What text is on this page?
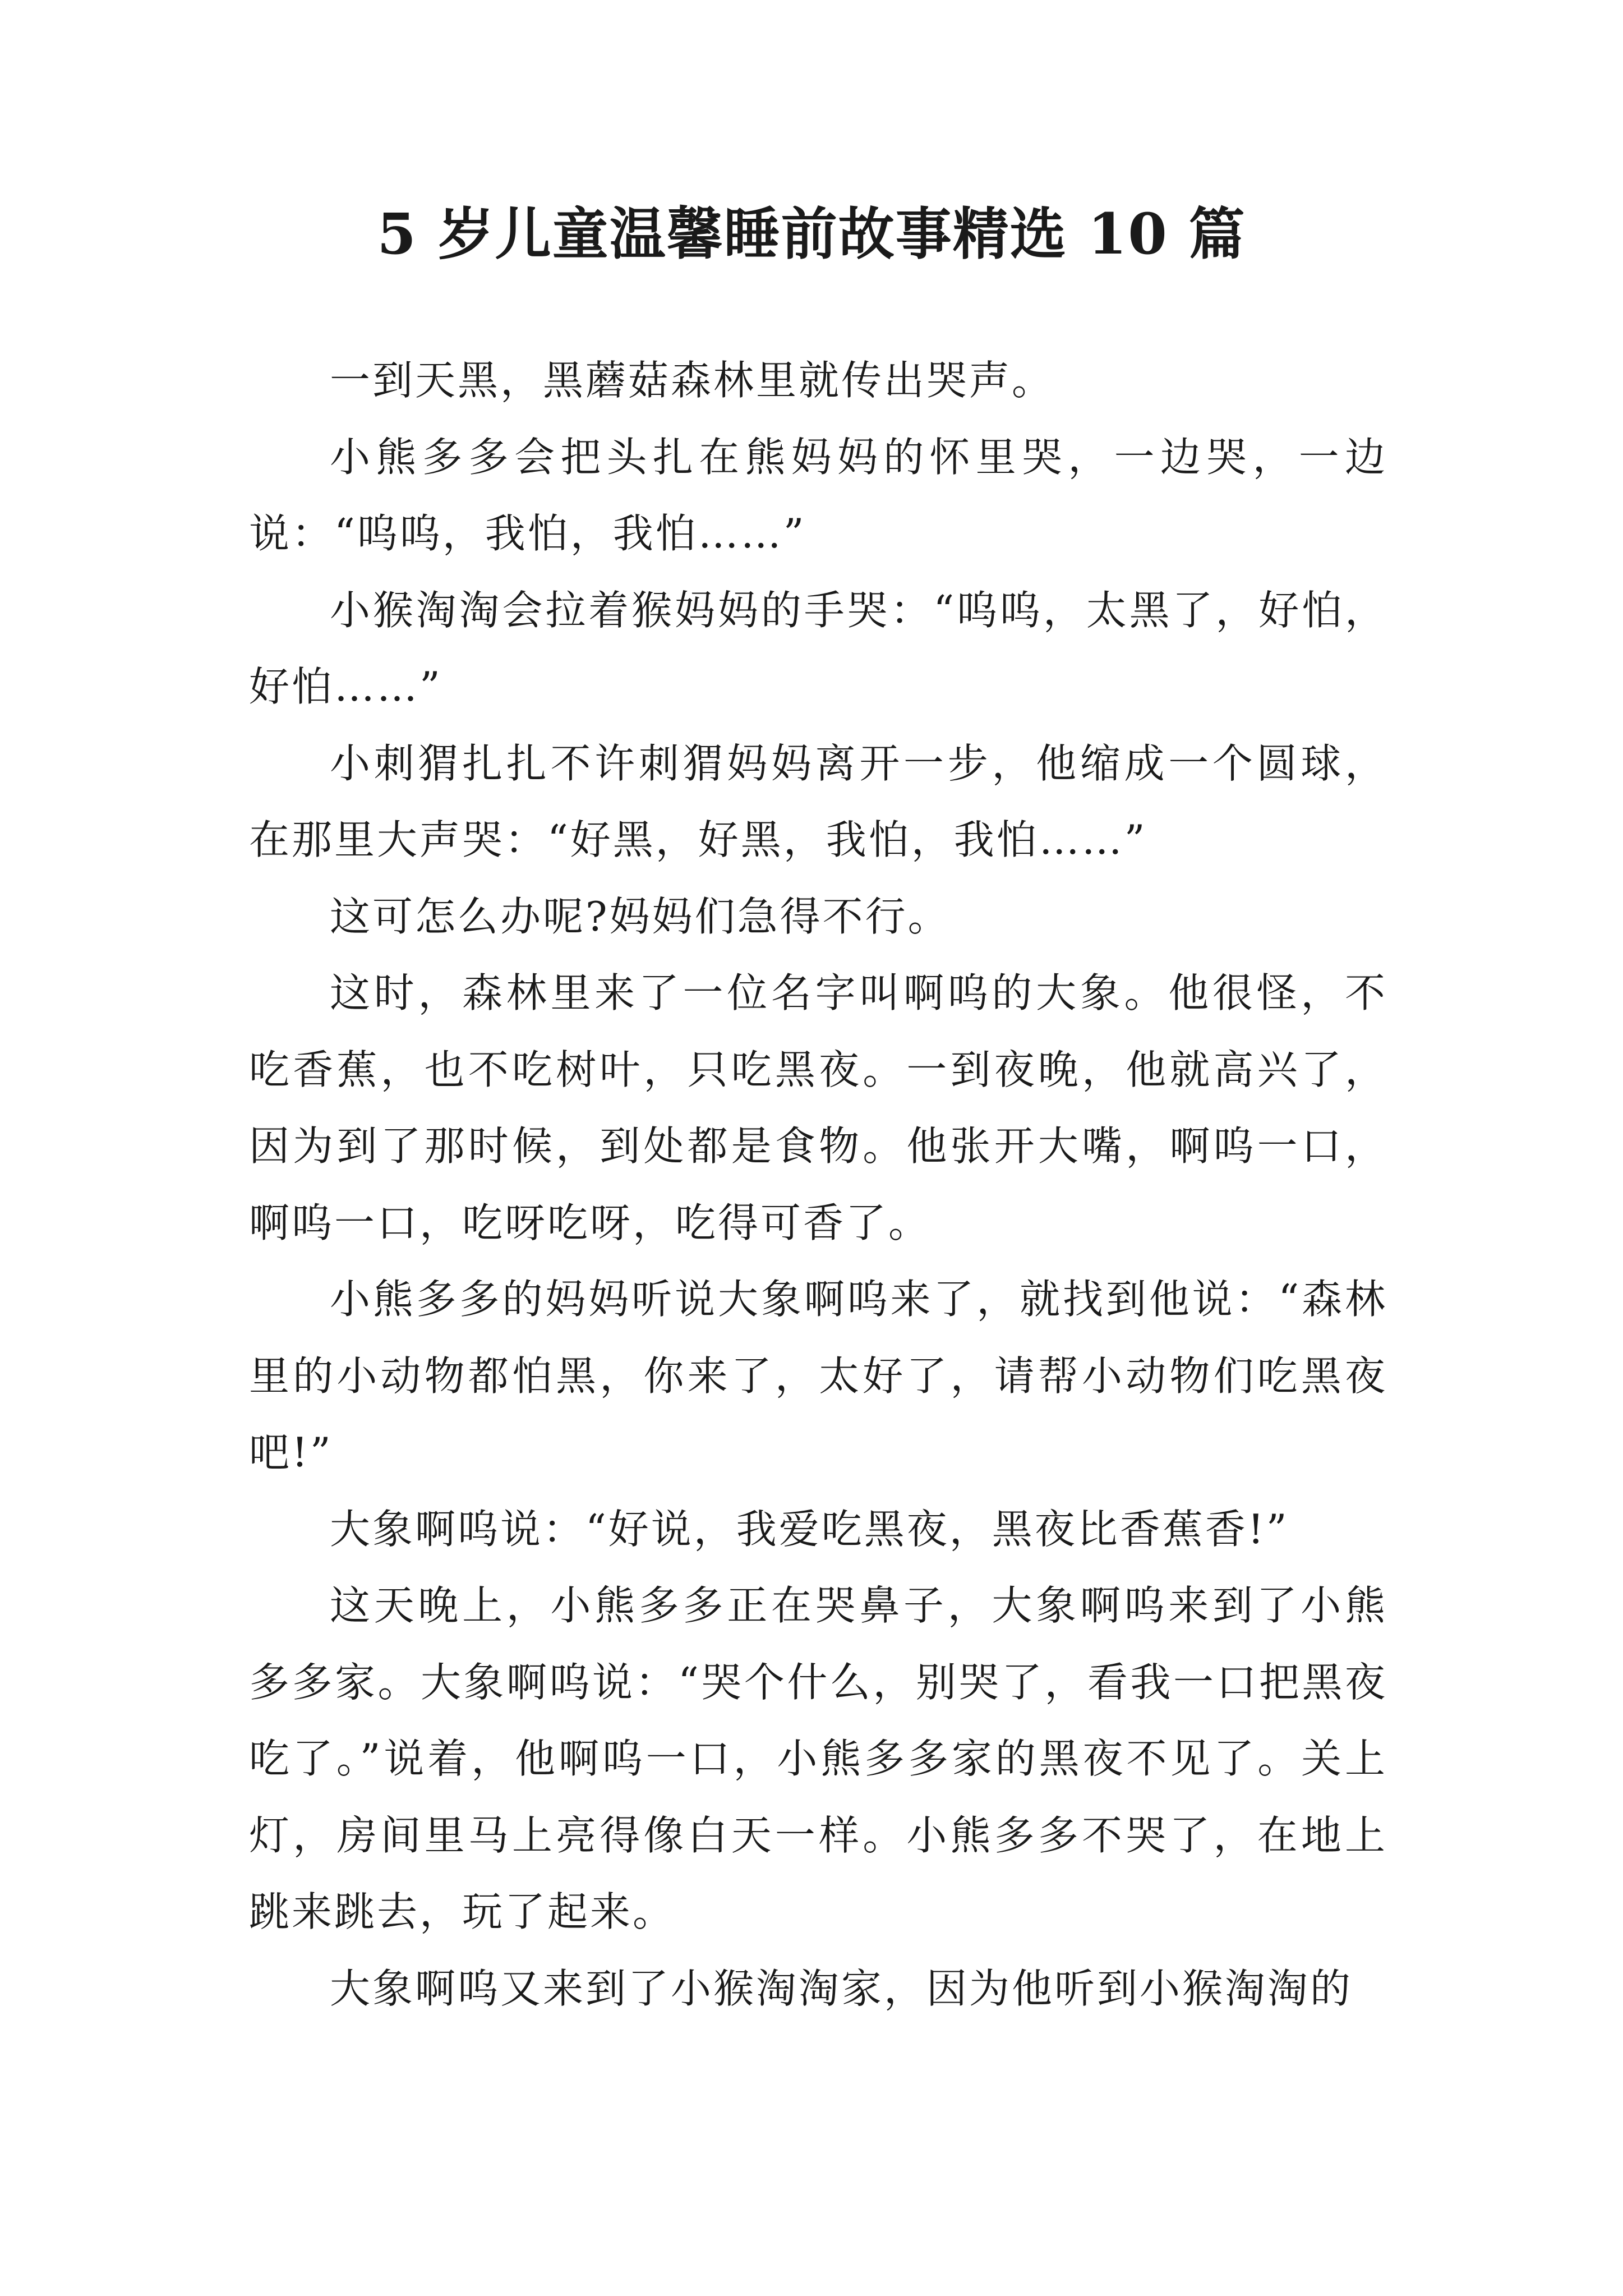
5 岁儿童温馨睡前故事精选 10 篇

一到天黑，黑蘑菇森林里就传出哭声。

小熊多多会把头扎在熊妈妈的怀里哭，一边哭，一边说：“呜呜，我怕，我怕……”

小猴淘淘会拉着猴妈妈的手哭：“呜呜，太黑了，好怕，好怕……”

小刺猬扎扎不许刺猬妈妈离开一步，他缩成一个圆球，在那里大声哭：“好黑，好黑，我怕，我怕……”

这可怎么办呢?妈妈们急得不行。

这时，森林里来了一位名字叫啊呜的大象。他很怪，不吃香蕉，也不吃树叶，只吃黑夜。一到夜晚，他就高兴了，因为到了那时候，到处都是食物。他张开大嘴，啊呜一口，啊呜一口，吃呀吃呀，吃得可香了。

小熊多多的妈妈听说大象啊呜来了，就找到他说：“森林里的小动物都怕黑，你来了，太好了，请帮小动物们吃黑夜吧!”

大象啊呜说：“好说，我爱吃黑夜，黑夜比香蕉香!”

这天晚上，小熊多多正在哭鼻子，大象啊呜来到了小熊多多家。大象啊呜说：“哭个什么，别哭了，看我一口把黑夜吃了。”说着，他啊呜一口，小熊多多家的黑夜不见了。关上灯，房间里马上亮得像白天一样。小熊多多不哭了，在地上跳来跳去，玩了起来。

大象啊呜又来到了小猴淘淘家，因为他听到小猴淘淘的
